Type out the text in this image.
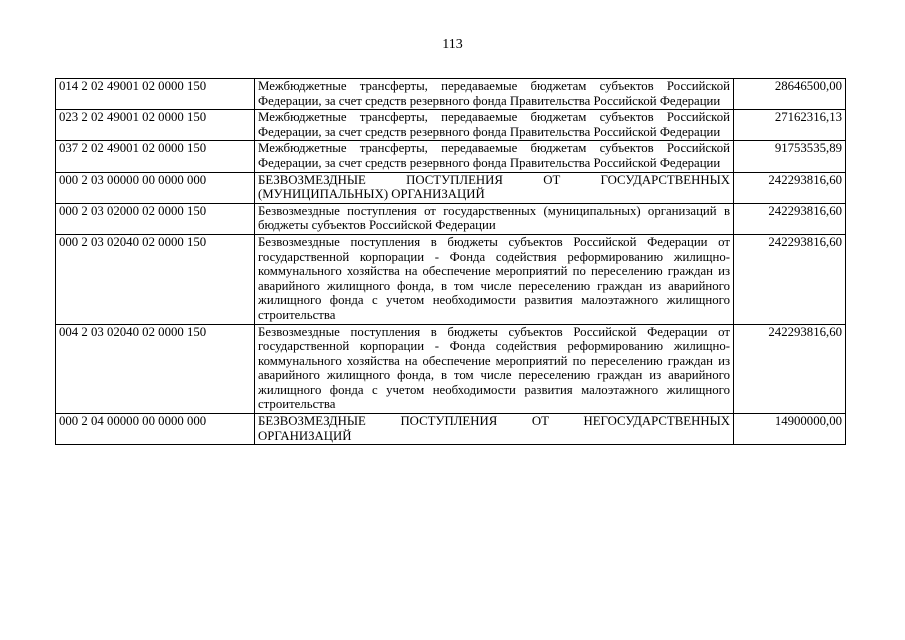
113
014 2 02 49001 02 0000 150	Межбюджетные трансферты, передаваемые бюджетам субъектов Российской Федерации, за счет средств резервного фонда Правительства Российской Федерации	28646500,00
023 2 02 49001 02 0000 150	Межбюджетные трансферты, передаваемые бюджетам субъектов Российской Федерации, за счет средств резервного фонда Правительства Российской Федерации	27162316,13
037 2 02 49001 02 0000 150	Межбюджетные трансферты, передаваемые бюджетам субъектов Российской Федерации, за счет средств резервного фонда Правительства Российской Федерации	91753535,89
000 2 03 00000 00 0000 000	БЕЗВОЗМЕЗДНЫЕ ПОСТУПЛЕНИЯ ОТ ГОСУДАРСТВЕННЫХ (МУНИЦИПАЛЬНЫХ) ОРГАНИЗАЦИЙ	242293816,60
000 2 03 02000 02 0000 150	Безвозмездные поступления от государственных (муниципальных) организаций в бюджеты субъектов Российской Федерации	242293816,60
000 2 03 02040 02 0000 150	Безвозмездные поступления в бюджеты субъектов Российской Федерации от государственной корпорации - Фонда содействия реформированию жилищно-коммунального хозяйства на обеспечение мероприятий по переселению граждан из аварийного жилищного фонда, в том числе переселению граждан из аварийного жилищного фонда с учетом необходимости развития малоэтажного жилищного строительства	242293816,60
004 2 03 02040 02 0000 150	Безвозмездные поступления в бюджеты субъектов Российской Федерации от государственной корпорации - Фонда содействия реформированию жилищно-коммунального хозяйства на обеспечение мероприятий по переселению граждан из аварийного жилищного фонда, в том числе переселению граждан из аварийного жилищного фонда с учетом необходимости развития малоэтажного жилищного строительства	242293816,60
000 2 04 00000 00 0000 000	БЕЗВОЗМЕЗДНЫЕ ПОСТУПЛЕНИЯ ОТ НЕГОСУДАРСТВЕННЫХ ОРГАНИЗАЦИЙ	14900000,00
